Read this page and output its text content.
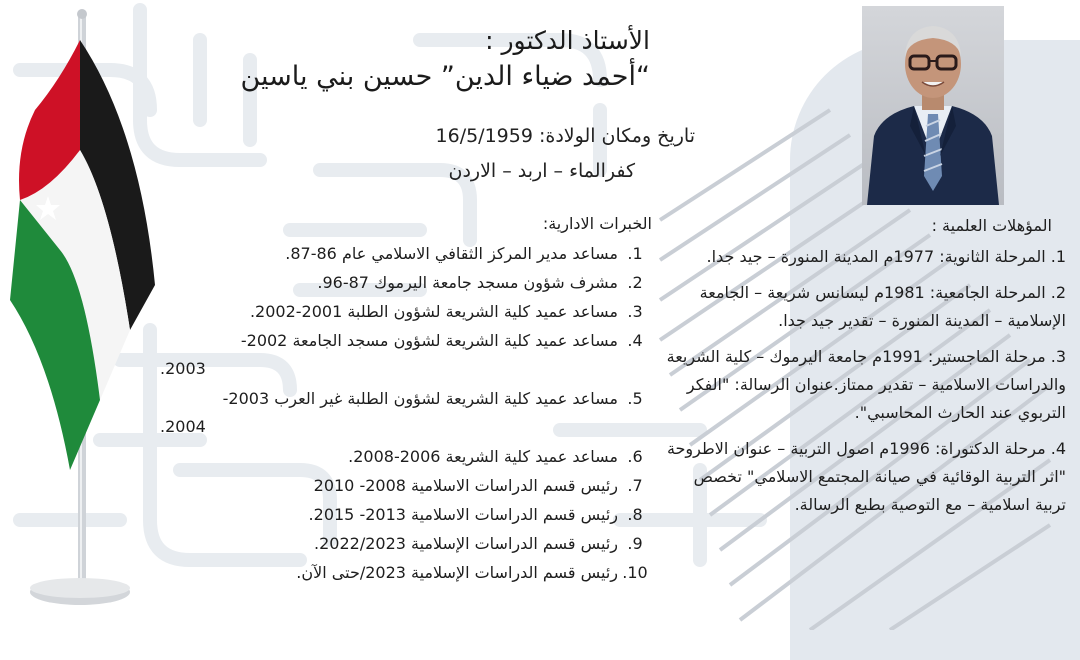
الأستاذ الدكتور :
“أحمد ضياء الدين” حسين بني ياسين
تاريخ ومكان الولادة: 16/5/1959
كفرالماء – اربد – الاردن

المؤهلات العلمية :

1. المرحلة الثانوية: 1977م المدينة المنورة – جيد جدا.

2. المرحلة الجامعية: 1981م ليسانس شريعة – الجامعة الإسلامية – المدينة المنورة – تقدير جيد جدا.

3. مرحلة الماجستير: 1991م جامعة اليرموك – كلية الشريعة والدراسات الاسلامية – تقدير ممتاز.عنوان الرسالة: "الفكر التربوي عند الحارث المحاسبي".

4. مرحلة الدكتوراة: 1996م اصول التربية – عنوان الاطروحة "اثر التربية الوقائية في صيانة المجتمع الاسلامي" تخصص تربية اسلامية – مع التوصية بطبع الرسالة.

الخبرات الادارية:
1.
مساعد مدير المركز الثقافي الاسلامي عام 86-87.
2.
مشرف شؤون مسجد جامعة اليرموك 87-96.
3.
مساعد عميد كلية الشريعة لشؤون الطلبة 2001-2002.
4.
مساعد عميد كلية الشريعة لشؤون مسجد الجامعة 2002-
2003.
5.
مساعد عميد كلية الشريعة لشؤون الطلبة غير العرب 2003-
2004.
6.
مساعد عميد كلية الشريعة 2006-2008.
7.
رئيس قسم الدراسات الاسلامية 2008- 2010
8.
رئيس قسم الدراسات الاسلامية 2013- 2015.
9.
رئيس قسم الدراسات الإسلامية 2022/2023.
10.
رئيس قسم الدراسات الإسلامية 2023/حتى الآن.
